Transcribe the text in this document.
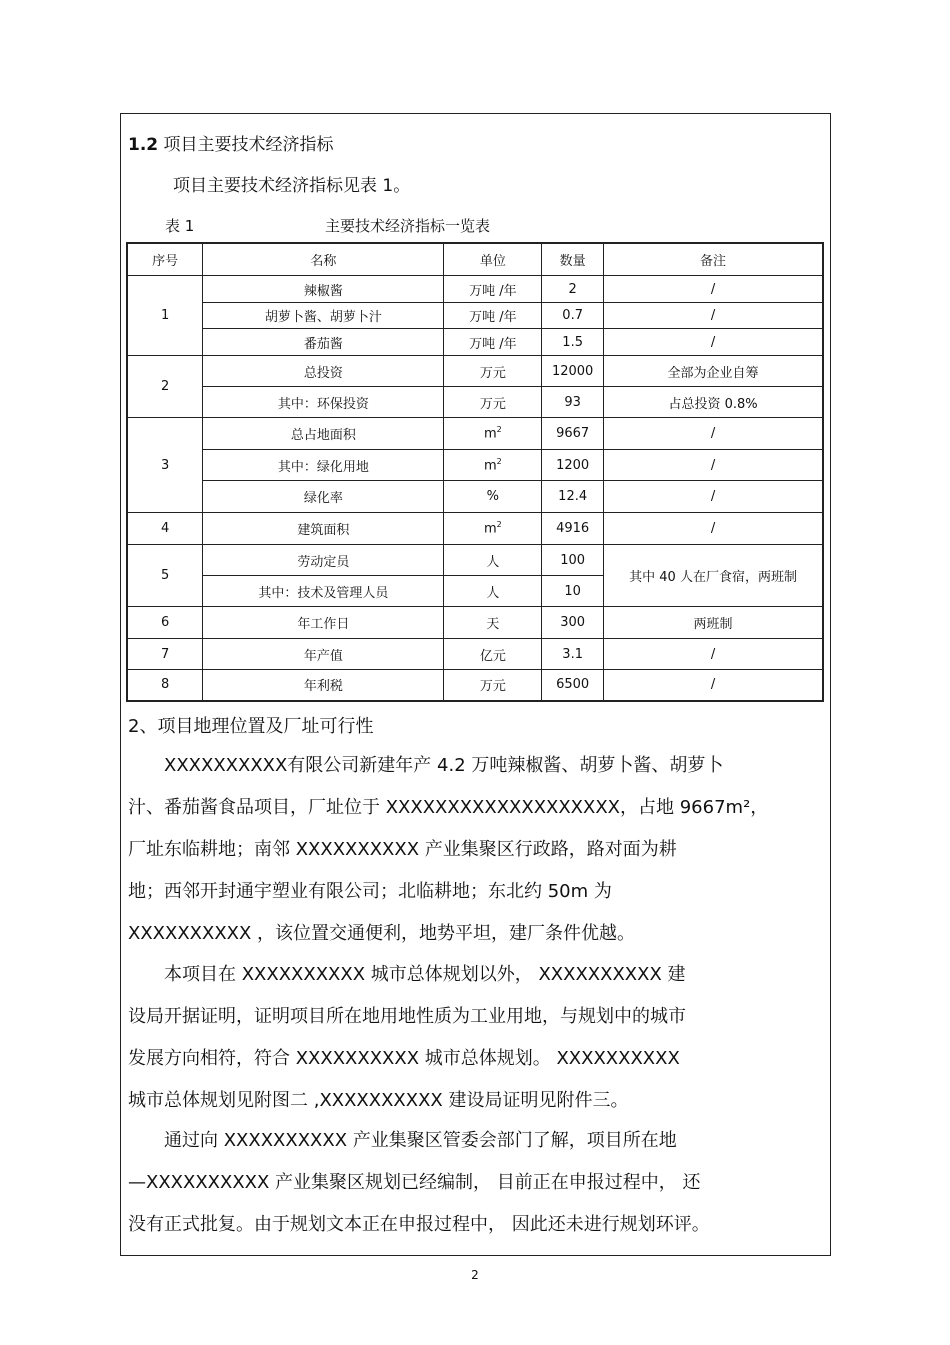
1.2 项目主要技术经济指标
项目主要技术经济指标见表 1。
表 1	主要技术经济指标一览表
序号	名称	单位	数量	备注
1	辣椒酱	万吨 /年	2	/
	胡萝卜酱、胡萝卜汁	万吨 /年	0.7	/
	番茄酱	万吨 /年	1.5	/
2	总投资	万元	12000	全部为企业自筹
	其中：环保投资	万元	93	占总投资 0.8%
3	总占地面积	$m^2$	9667	/
	其中：绿化用地	$m^2$	1200	/
	绿化率	%	12.4	/
4	建筑面积	$m^2$	4916	/
5	劳动定员	人	100	其中 40 人在厂食宿，两班制
	其中：技术及管理人员	人	10	
6	年工作日	天	300	两班制
7	年产值	亿元	3.1	/
8	年利税	万元	6500	/
2、项目地理位置及厂址可行性
　　XXXXXXXXXX有限公司新建年产 4.2 万吨辣椒酱、胡萝卜酱、胡萝卜
汁、番茄酱食品项目，厂址位于 XXXXXXXXXXXXXXXXXXX，占地 9667m²，
厂址东临耕地；南邻 XXXXXXXXXX 产业集聚区行政路，路对面为耕
地；西邻开封通宇塑业有限公司；北临耕地；东北约 50m 为
XXXXXXXXXX ，该位置交通便利，地势平坦，建厂条件优越。
　　本项目在 XXXXXXXXXX 城市总体规划以外， XXXXXXXXXX 建
设局开据证明，证明项目所在地用地性质为工业用地，与规划中的城市
发展方向相符，符合 XXXXXXXXXX 城市总体规划。 XXXXXXXXXX
城市总体规划见附图二 ,XXXXXXXXXX 建设局证明见附件三。
　　通过向 XXXXXXXXXX 产业集聚区管委会部门了解，项目所在地
—XXXXXXXXXX 产业集聚区规划已经编制， 目前正在申报过程中， 还
没有正式批复。由于规划文本正在申报过程中， 因此还未进行规划环评。
2
